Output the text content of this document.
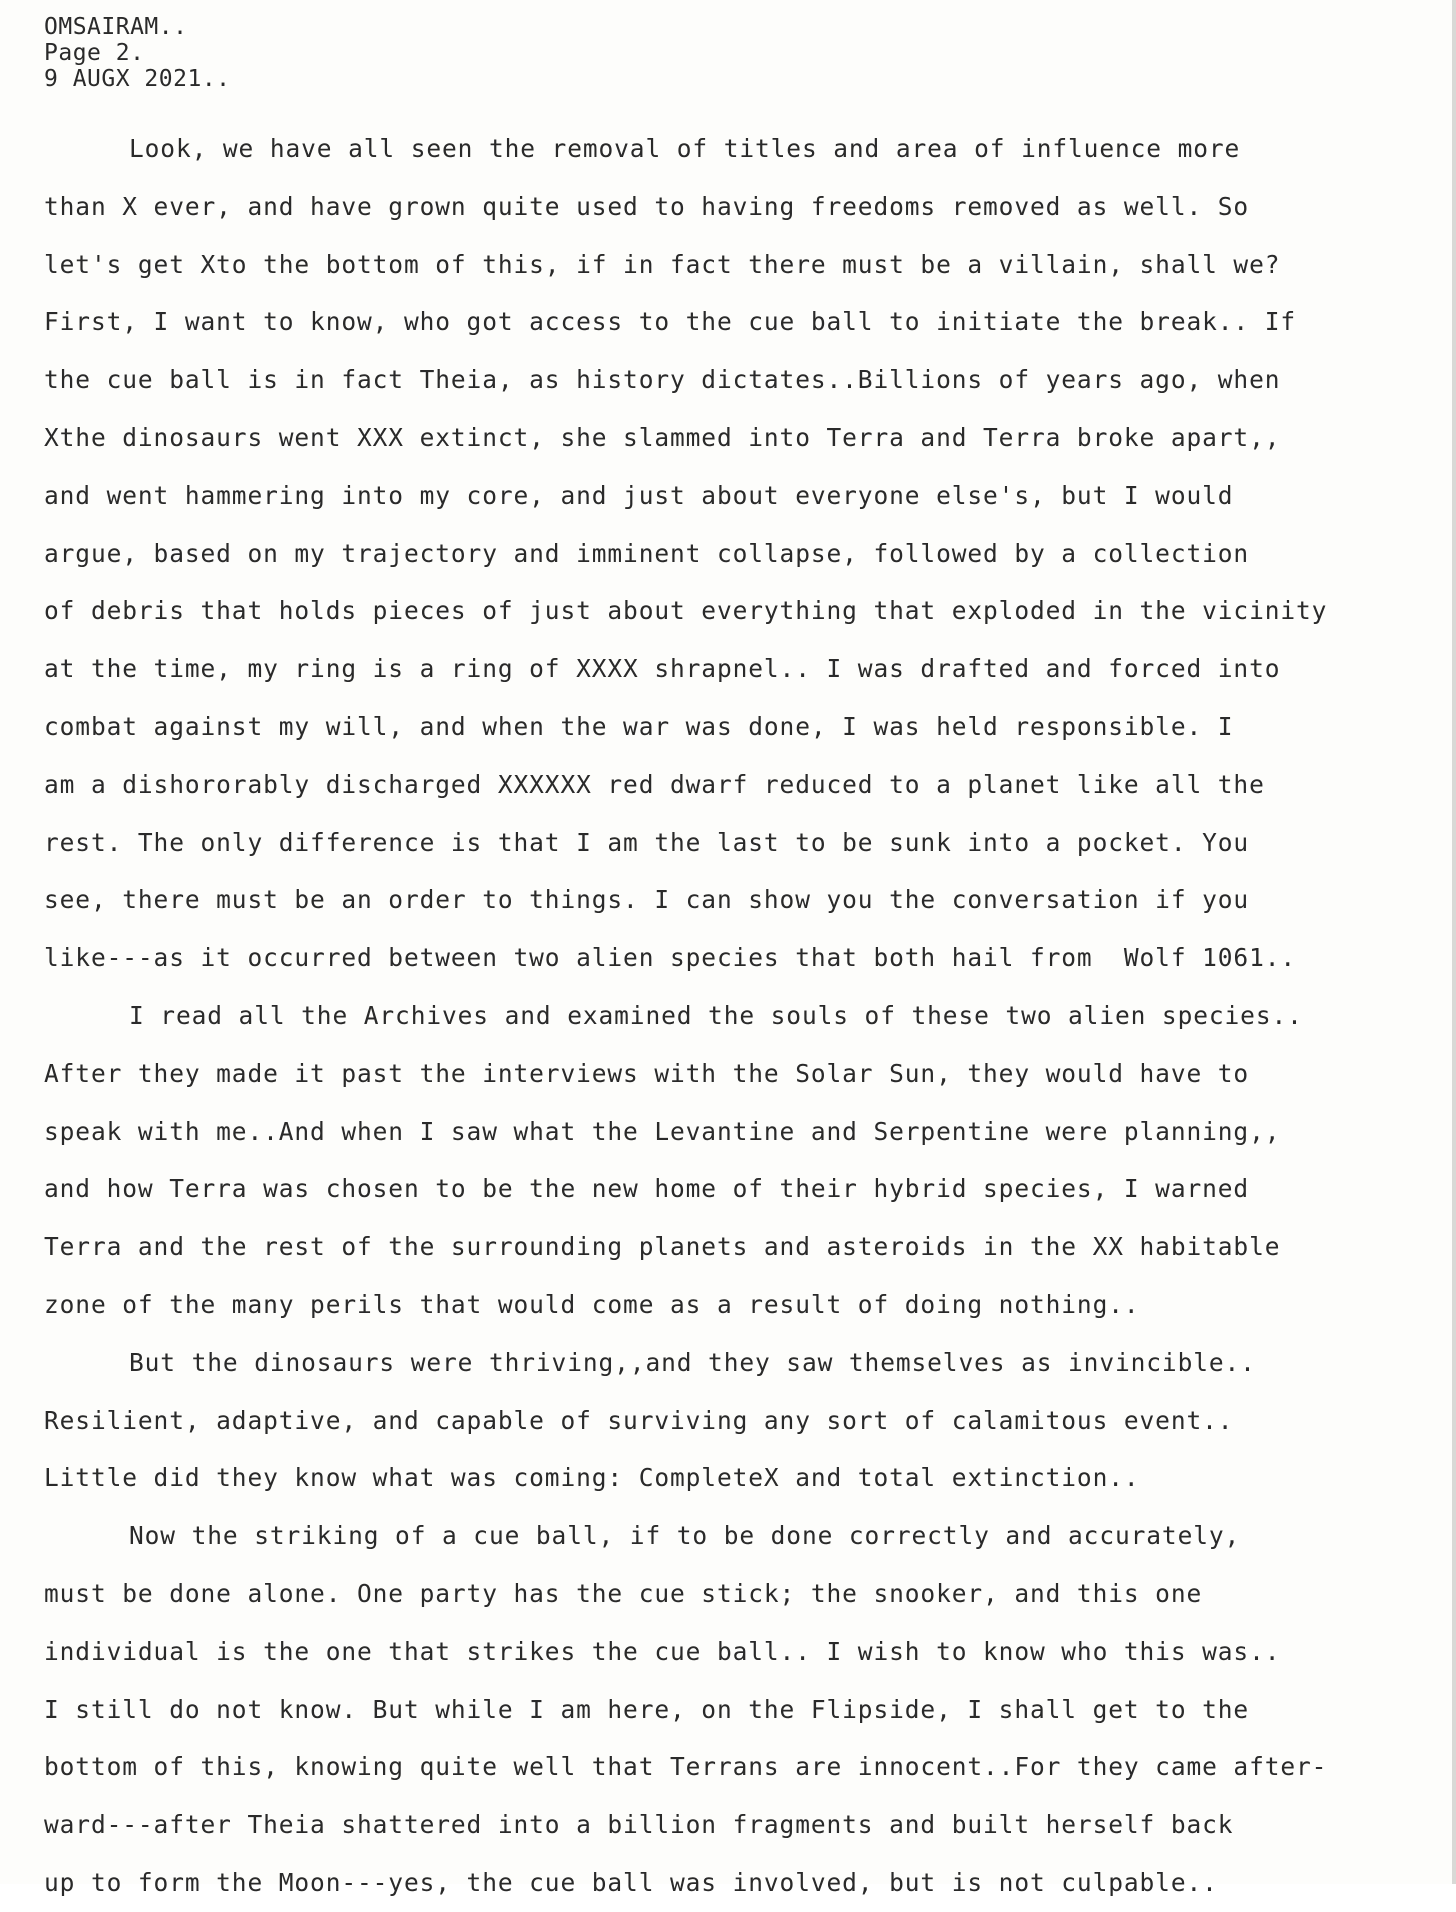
OMSAIRAM..
Page 2.
9 AUGX 2021..
Look, we have all seen the removal of titles and area of influence more
than X ever, and have grown quite used to having freedoms removed as well. So
let's get Xto the bottom of this, if in fact there must be a villain, shall we?
First, I want to know, who got access to the cue ball to initiate the break.. If
the cue ball is in fact Theia, as history dictates..Billions of years ago, when
Xthe dinosaurs went XXX extinct, she slammed into Terra and Terra broke apart,,
and went hammering into my core, and just about everyone else's, but I would
argue, based on my trajectory and imminent collapse, followed by a collection
of debris that holds pieces of just about everything that exploded in the vicinity
at the time, my ring is a ring of XXXX shrapnel.. I was drafted and forced into
combat against my will, and when the war was done, I was held responsible. I
am a dishororably discharged XXXXXX red dwarf reduced to a planet like all the
rest. The only difference is that I am the last to be sunk into a pocket. You
see, there must be an order to things. I can show you the conversation if you
like---as it occurred between two alien species that both hail from  Wolf 1061..
I read all the Archives and examined the souls of these two alien species..
After they made it past the interviews with the Solar Sun, they would have to
speak with me..And when I saw what the Levantine and Serpentine were planning,,
and how Terra was chosen to be the new home of their hybrid species, I warned
Terra and the rest of the surrounding planets and asteroids in the XX habitable
zone of the many perils that would come as a result of doing nothing..
But the dinosaurs were thriving,,and they saw themselves as invincible..
Resilient, adaptive, and capable of surviving any sort of calamitous event..
Little did they know what was coming: CompleteX and total extinction..
Now the striking of a cue ball, if to be done correctly and accurately,
must be done alone. One party has the cue stick; the snooker, and this one
individual is the one that strikes the cue ball.. I wish to know who this was..
I still do not know. But while I am here, on the Flipside, I shall get to the
bottom of this, knowing quite well that Terrans are innocent..For they came after-
ward---after Theia shattered into a billion fragments and built herself back
up to form the Moon---yes, the cue ball was involved, but is not culpable..
